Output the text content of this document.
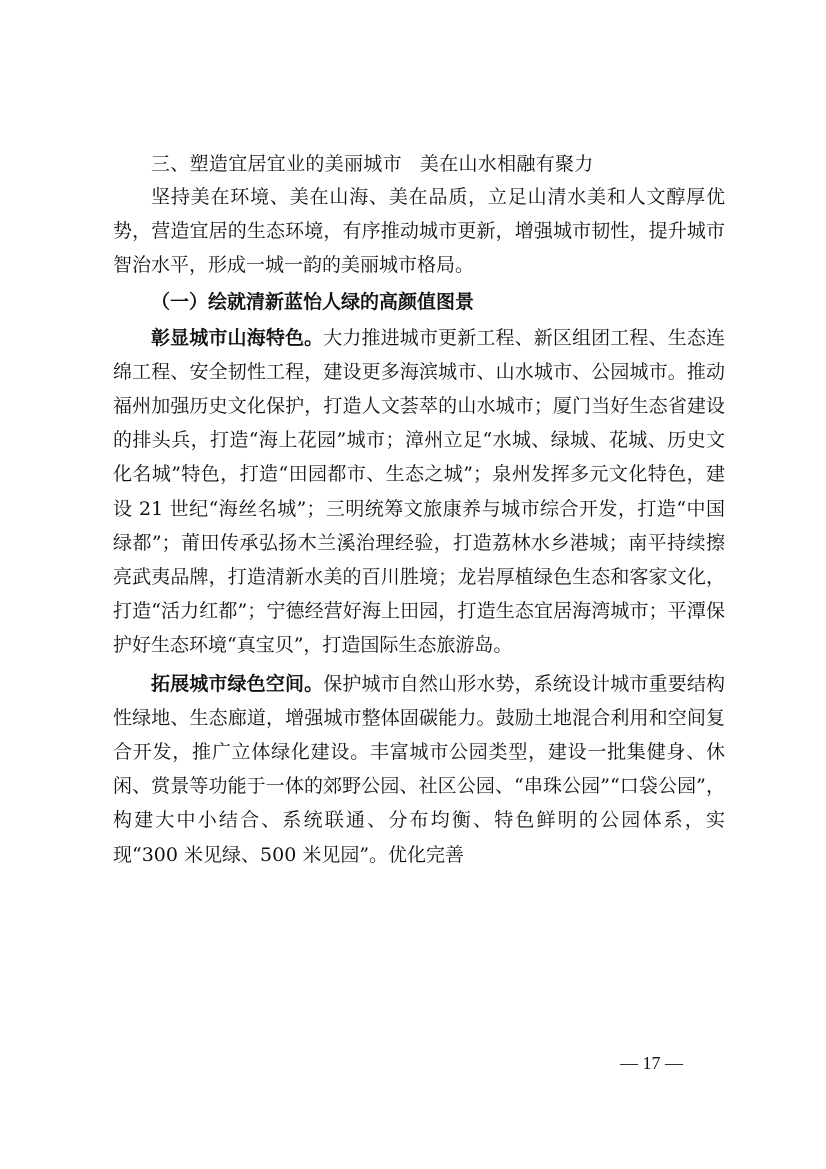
三、塑造宜居宜业的美丽城市 美在山水相融有聚力

坚持美在环境、美在山海、美在品质，立足山清水美和人文醇厚优势，营造宜居的生态环境，有序推动城市更新，增强城市韧性，提升城市智治水平，形成一城一韵的美丽城市格局。

（一）绘就清新蓝怡人绿的高颜值图景

彰显城市山海特色。大力推进城市更新工程、新区组团工程、生态连绵工程、安全韧性工程，建设更多海滨城市、山水城市、公园城市。推动福州加强历史文化保护，打造人文荟萃的山水城市；厦门当好生态省建设的排头兵，打造“海上花园”城市；漳州立足“水城、绿城、花城、历史文化名城”特色，打造“田园都市、生态之城”；泉州发挥多元文化特色，建设 21 世纪“海丝名城”；三明统筹文旅康养与城市综合开发，打造“中国绿都”；莆田传承弘扬木兰溪治理经验，打造荔林水乡港城；南平持续擦亮武夷品牌，打造清新水美的百川胜境；龙岩厚植绿色生态和客家文化，打造“活力红都”；宁德经营好海上田园，打造生态宜居海湾城市；平潭保护好生态环境“真宝贝”，打造国际生态旅游岛。

拓展城市绿色空间。保护城市自然山形水势，系统设计城市重要结构性绿地、生态廊道，增强城市整体固碳能力。鼓励土地混合利用和空间复合开发，推广立体绿化建设。丰富城市公园类型，建设一批集健身、休闲、赏景等功能于一体的郊野公园、社区公园、“串珠公园”“口袋公园”，构建大中小结合、系统联通、分布均衡、特色鲜明的公园体系，实现“300 米见绿、500 米见园”。优化完善

— 17 —
